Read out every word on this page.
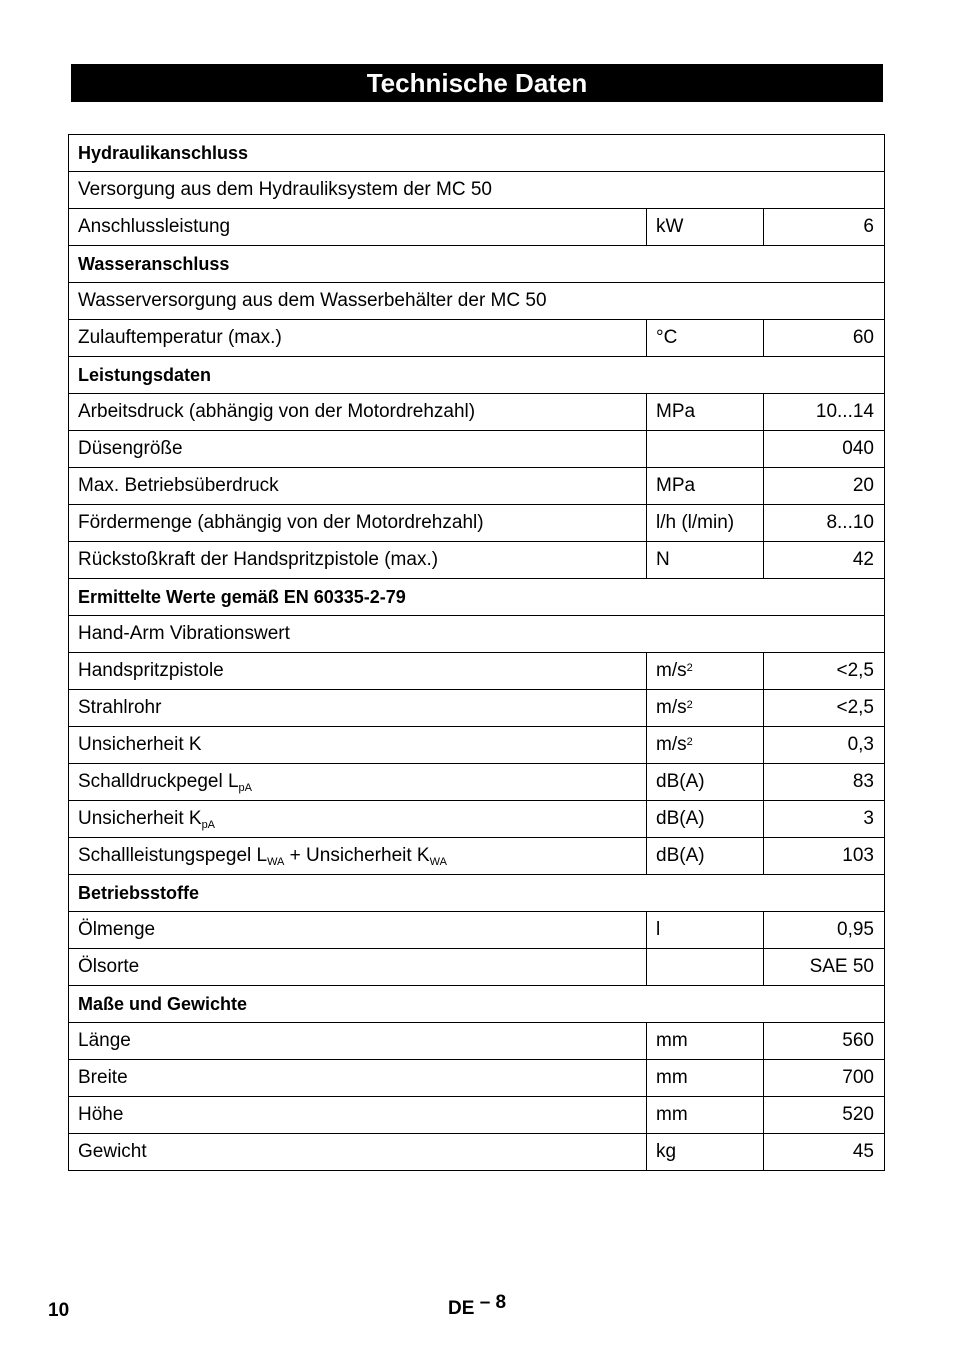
Technische Daten
Hydraulikanschluss		
Versorgung aus dem Hydrauliksystem der MC 50		
Anschlussleistung	kW	6
Wasseranschluss		
Wasserversorgung aus dem Wasserbehälter der MC 50		
Zulauftemperatur (max.)	°C	60
Leistungsdaten		
Arbeitsdruck (abhängig von der Motordrehzahl)	MPa	10...14
Düsengröße		040
Max. Betriebsüberdruck	MPa	20
Fördermenge (abhängig von der Motordrehzahl)	l/h (l/min)	8...10
Rückstoßkraft der Handspritzpistole (max.)	N	42
Ermittelte Werte gemäß EN 60335-2-79		
Hand-Arm Vibrationswert		
Handspritzpistole	$m/s^2$	<2,5
Strahlrohr	$m/s^2$	<2,5
Unsicherheit K	$m/s^2$	0,3
Schalldruckpegel $L_{pA}$	dB(A)	83
Unsicherheit $K_{pA}$	dB(A)	3
Schallleistungspegel $L_{WA}$ + Unsicherheit $K_{WA}$	dB(A)	103
Betriebsstoffe		
Ölmenge	l	0,95
Ölsorte		SAE 50
Maße und Gewichte		
Länge	mm	560
Breite	mm	700
Höhe	mm	520
Gewicht	kg	45
10	DE – 8
